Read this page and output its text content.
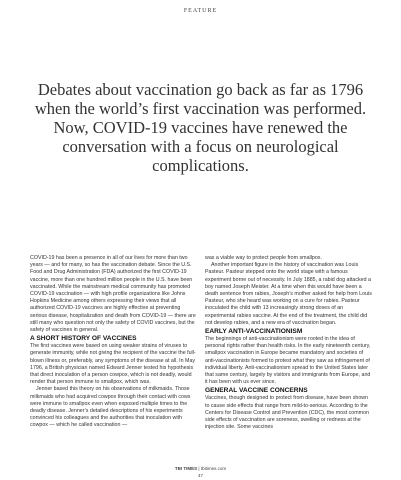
FEATURE
Debates about vaccination go back as far as 1796 when the world’s first vaccination was performed. Now, COVID-19 vaccines have renewed the conversation with a focus on neurological complications.

COVID-19 has been a presence in all of our lives for more than two years — and for many, so has the vaccination debate. Since the U.S. Food and Drug Administration (FDA) authorized the first COVID-19 vaccine, more than one hundred million people in the U.S. have been vaccinated. While the mainstream medical community has promoted COVID-19 vaccination — with high profile organizations like Johns Hopkins Medicine among others expressing their views that all authorized COVID-19 vaccines are highly effective at preventing serious disease, hospitalization and death from COVID-19 — there are still many who question not only the safety of COVID vaccines, but the safety of vaccines in general.

A SHORT HISTORY OF VACCINES

The first vaccines were based on using weaker strains of viruses to generate immunity, while not giving the recipient of the vaccine the full-blown illness or, preferably, any symptoms of the disease at all. In May 1796, a British physician named Edward Jenner tested his hypothesis that direct inoculation of a person cowpox, which is not deadly, would render that person immune to smallpox, which was.

Jenner based this theory on his observations of milkmaids. Those milkmaids who had acquired cowpox through their contact with cows were immune to smallpox even when exposed multiple times to the deadly disease. Jenner’s detailed descriptions of his experiments convinced his colleagues and the authorities that inoculation with cowpox — which he called vaccination —

was a viable way to protect people from smallpox.

Another important figure in the history of vaccination was Louis Pasteur. Pasteur stepped onto the world stage with a famous experiment borne out of necessity. In July 1885, a rabid dog attacked a boy named Joseph Meister. At a time when this would have been a death sentence from rabies, Joseph’s mother asked for help from Louis Pasteur, who she heard was working on a cure for rabies. Pasteur inoculated the child with 13 increasingly strong doses of an experimental rabies vaccine. At the end of the treatment, the child did not develop rabies, and a new era of vaccination began.

EARLY ANTI-VACCINATIONISM

The beginnings of anti-vaccinationism were rooted in the idea of personal rights rather than health risks. In the early nineteenth century, smallpox vaccination in Europe became mandatory and societies of anti-vaccinationists formed to protest what they saw as infringement of individual liberty. Anti-vaccinationism spread to the United States later that same century, largely by visitors and immigrants from Europe, and it has been with us ever since.

GENERAL VACCINE CONCERNS

Vaccines, though designed to protect from disease, have been shown to cause side effects that range from mild-to-serious. According to the Centers for Disease Control and Prevention (CDC), the most common side effects of vaccination are soreness, swelling or redness at the injection site. Some vaccines

TBI TIMES | tbitimes.com
47
